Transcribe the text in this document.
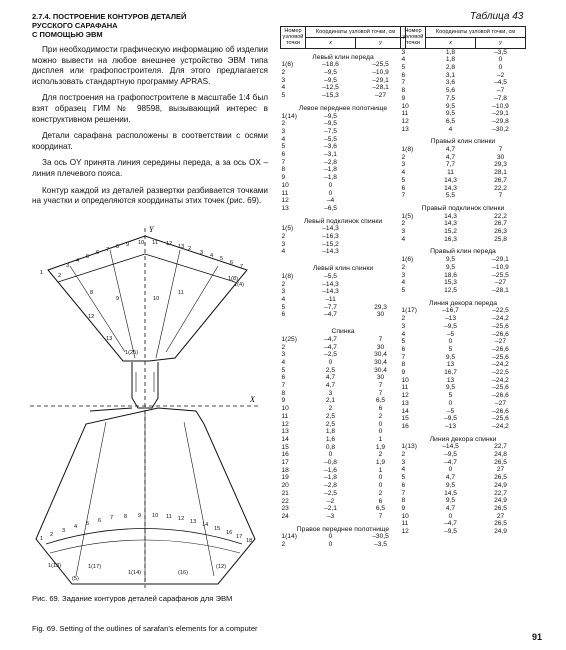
2.7.4. ПОСТРОЕНИЕ КОНТУРОВ ДЕТАЛЕЙ
РУССКОГО САРАФАНА
С ПОМОЩЬЮ ЭВМ

При необходимости графическую информацию об изделии можно вывести на любое внешнее устройство ЭВМ типа дисплея или графопостроителя. Для этого предлагается использовать стандартную программу APRAS.

Для построения на графопостроителе в масштабе 1:4 был взят образец ГИМ № 98598, вызывающий интерес в конструктивном решении.

Детали сарафана расположены в соответствии с осями координат.

За ось OY принята линия середины переда, а за ось OX – линия плечевого пояса.

Контур каждой из деталей развертки разбивается точками на участки и определяются координаты этих точек (рис. 69).

Y
X
2
3
4
5
6 7 8 9 10 11 12 13
1
2
3 4 5
6
7
11
10
9
8
1(8)
1(4)
1(25)
13
12
1
2
3
4 5 6 7 8 9 10 11 12 13 14
15
16
17
18
1(13)	1(17)
1(14)
(5)
(16)
(12)
Рис. 69. Задание контуров деталей сарафанов для ЭВМ
Fig. 69. Setting of the outlines of sarafan's elements for a computer
Таблица 43
Номер узловой точки	Координаты узловой точки, см	
	x	y
Левый клин переда		
1(6)	–18,6	–25,5
2	–9,5	–10,9
3	–9,5	–29,1
4	–12,5	–28,1
5	–15,3	–27
Левое переднее полотнище		
1(14)	–9,5	
2	–9,5	
3	–7,5	
4	–5,5	
5	–3,6	
6	–3,1	
7	–2,8	
8	–1,8	
9	–1,8	
10	0	
11	0	
12	–4	
13	–6,5	
Левый подклинок спинки		
1(5)	–14,3	
2	–16,3	
3	–15,2	
4	–14,3	

Левый клин спинки		
1(8)	–5,5	
2	–14,3	
3	–14,3	
4	–11	
5	–7,7	29,3
6	–4,7	30

Спинка		
1(25)	–4,7	7
2	–4,7	30
3	–2,5	30,4
4	0	30,4
5	2,5	30,4
6	4,7	30
7	4,7	7
8	3	7
9	2,1	6,5
10	2	6
11	2,5	2
12	2,5	0
13	1,8	0
14	1,6	1
15	0,8	1,9
16	0	2
17	–0,8	1,9
18	–1,6	1
19	–1,8	0
20	–2,8	0
21	–2,5	2
22	–2	6
23	–2,1	6,5
24	–3	7
Правое переднее полотнище		
1(14)	0	–30,5
2	0	–3,5
Номер узловой точки	Координаты узловой точки, см	
	x	y
3	1,8	–3,5
4	1,8	0
5	2,8	0
6	3,1	–2
7	3,6	–4,5
8	5,6	–7
9	7,5	–7,8
10	9,5	–10,9
11	9,5	–29,1
12	6,5	–29,8
13	4	–30,2
Правый клин спинки		
1(8)	4,7	7
2	4,7	30
3	7,7	29,3
4	11	28,1
5	14,3	26,7
6	14,3	22,2
7	5,5	7
Правый подклинок спинки		
1(5)	14,3	22,2
2	14,3	26,7
3	15,2	26,3
4	16,3	25,8
Правый клин переда		
1(6)	9,5	–29,1
2	9,5	–10,9
3	18,6	–25,5
4	15,3	–27
5	12,5	–28,1
Линия декора переда		
1(17)	–16,7	–22,5
2	–13	–24,2
3	–9,5	–25,6
4	–5	–26,6
5	0	–27
6	5	–26,6
7	9,5	–25,6
8	13	–24,2
9	16,7	–22,5
10	13	–24,2
11	9,5	–25,6
12	5	–26,6
13	0	–27
14	–5	–26,6
15	–9,5	–25,6
16	–13	–24,2
Линия декора спинки		
1(13)	–14,5	22,7
2	–9,5	24,8
3	–4,7	26,5
4	0	27
5	4,7	26,5
6	9,5	24,9
7	14,5	22,7
8	9,5	24,9
9	4,7	26,5
10	0	27
11	–4,7	26,5
12	–9,5	24,9
91
